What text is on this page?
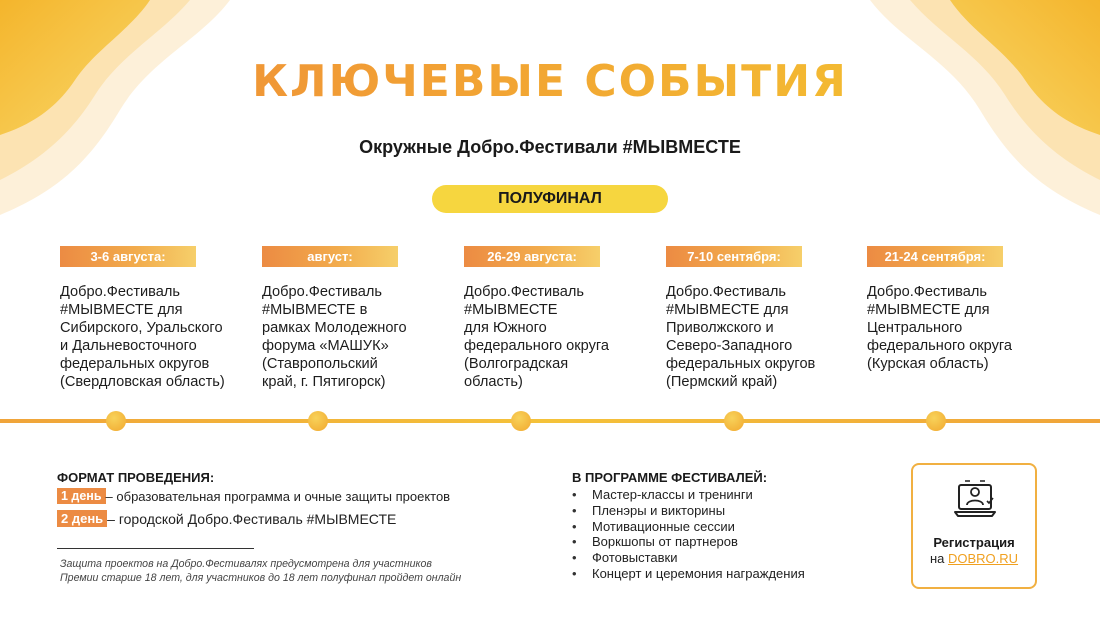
КЛЮЧЕВЫЕ СОБЫТИЯ
Окружные Добро.Фестивали #МЫВМЕСТЕ
ПОЛУФИНАЛ
3-6 августа:
Добро.Фестиваль
#МЫВМЕСТЕ для
Сибирского, Уральского
и Дальневосточного
федеральных округов
(Свердловская область)
август:
Добро.Фестиваль
#МЫВМЕСТЕ в
рамках Молодежного
форума «МАШУК»
(Ставропольский
край, г. Пятигорск)
26-29 августа:
Добро.Фестиваль
#МЫВМЕСТЕ
для Южного
федерального округа
(Волгоградская
область)
7-10 сентября:
Добро.Фестиваль
#МЫВМЕСТЕ для
Приволжского и
Северо-Западного
федеральных округов
(Пермский край)
21-24 сентября:
Добро.Фестиваль
#МЫВМЕСТЕ для
Центрального
федерального округа
(Курская область)
ФОРМАТ ПРОВЕДЕНИЯ:
1 день – образовательная программа и очные защиты проектов
2 день – городской Добро.Фестиваль #МЫВМЕСТЕ
Защита проектов на Добро.Фестивалях предусмотрена для участников
Премии старше 18 лет, для участников до 18 лет полуфинал пройдет онлайн
В ПРОГРАММЕ ФЕСТИВАЛЕЙ:
• Мастер-классы и тренинги
• Пленэры и викторины
• Мотивационные сессии
• Воркшопы от партнеров
• Фотовыставки
• Концерт и церемония награждения
Регистрация
на DOBRO.RU
